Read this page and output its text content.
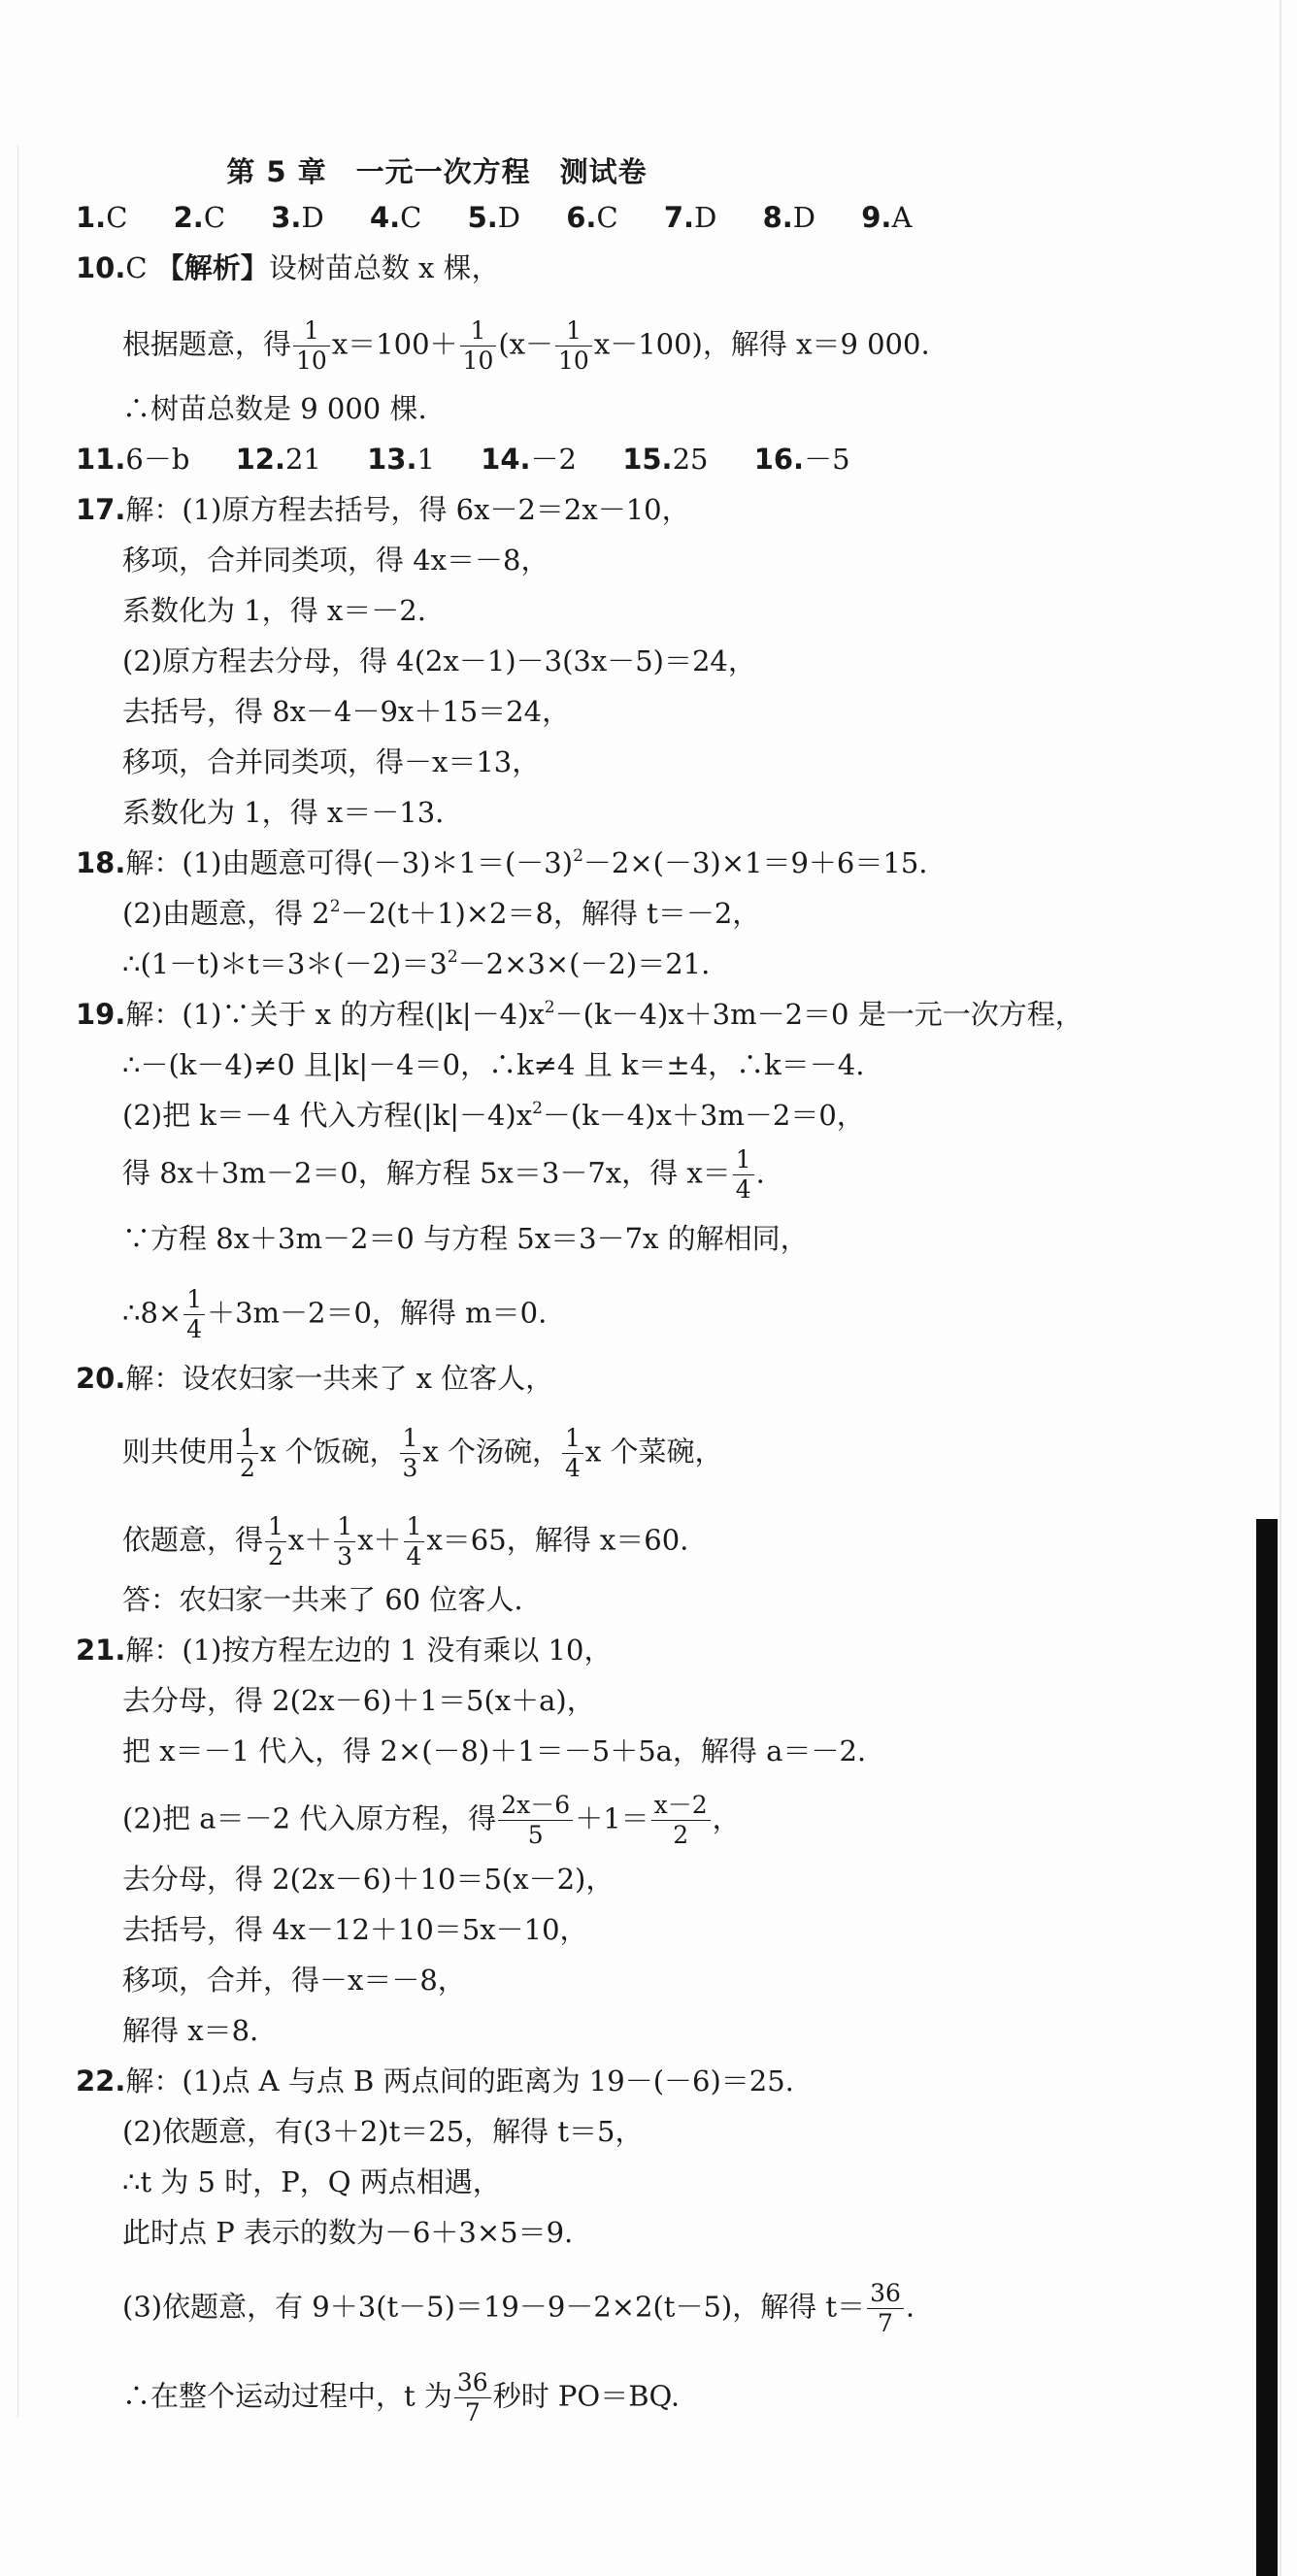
第 5 章　一元一次方程　测试卷
1.C 2.C 3.D 4.C 5.D 6.C 7.D 8.D 9.A
10.C 【解析】设树苗总数 x 棵，
根据题意，得 $\frac{1}{10} x=100+ \frac{1}{10} (x- \frac{1}{10} x-100)$，解得 x＝9 000.
∴树苗总数是 9 000 棵.
11.6－b 12.21 13.1 14.－2 15.25 16.－5
17.解：(1)原方程去括号，得 6x－2＝2x－10，
移项，合并同类项，得 4x＝－8，
系数化为 1，得 x＝－2.
(2)原方程去分母，得 4(2x－1)－3(3x－5)＝24，
去括号，得 8x－4－9x＋15＝24，
移项，合并同类项，得－x＝13，
系数化为 1，得 x＝－13.
18.解：(1)由题意可得$(-3)*1=(-3)^2-2\times(-3)\times 1=9+6=15$.
(2)由题意，得 $2^2-2(t+1)\times 2=8$，解得 t＝－2，
$\therefore(1-t)*t=3*(-2)=3^2-2\times 3\times(-2)=21$.
19.解：(1)∵关于 x 的方程$(|k|-4)x^2-(k-4)x+3m-2=0$ 是一元一次方程，
∴－(k－4)≠0 且|k|－4＝0，∴k≠4 且 k＝±4，∴k＝－4.
(2)把 k＝－4 代入方程$(|k|-4)x^2-(k-4)x+3m-2=0$，
得 8x＋3m－2＝0，解方程 5x＝3－7x，得 $x= \frac{1}{4}$ .
∵方程 8x＋3m－2＝0 与方程 5x＝3－7x 的解相同，
∴8× $\frac{1}{4} +3m-2=0$，解得 m＝0.
20.解：设农妇家一共来了 x 位客人，
则共使用 $\frac{1}{2}$ x 个饭碗， $\frac{1}{3}$ x 个汤碗， $\frac{1}{4}$ x 个菜碗，
依题意，得 $\frac{1}{2} x+ \frac{1}{3} x+ \frac{1}{4} x=65$，解得 x＝60.
答：农妇家一共来了 60 位客人.
21.解：(1)按方程左边的 1 没有乘以 10，
去分母，得 2(2x－6)＋1＝5(x＋a)，
把 x＝－1 代入，得 2×(－8)＋1＝－5＋5a，解得 a＝－2.
(2)把 a＝－2 代入原方程，得 $\frac{2x-6}{5} +1= \frac{x-2}{2}$ ，
去分母，得 2(2x－6)＋10＝5(x－2)，
去括号，得 4x－12＋10＝5x－10，
移项，合并，得－x＝－8，
解得 x＝8.
22.解：(1)点 A 与点 B 两点间的距离为 19－(－6)＝25.
(2)依题意，有(3＋2)t＝25，解得 t＝5，
∴t 为 5 时，P，Q 两点相遇，
此时点 P 表示的数为－6＋3×5＝9.
(3)依题意，有 9＋3(t－5)＝19－9－2×2(t－5)，解得 $t= \frac{36}{7}$ .
∴在整个运动过程中，t 为 $\frac{36}{7}$ 秒时 PO＝BQ.
